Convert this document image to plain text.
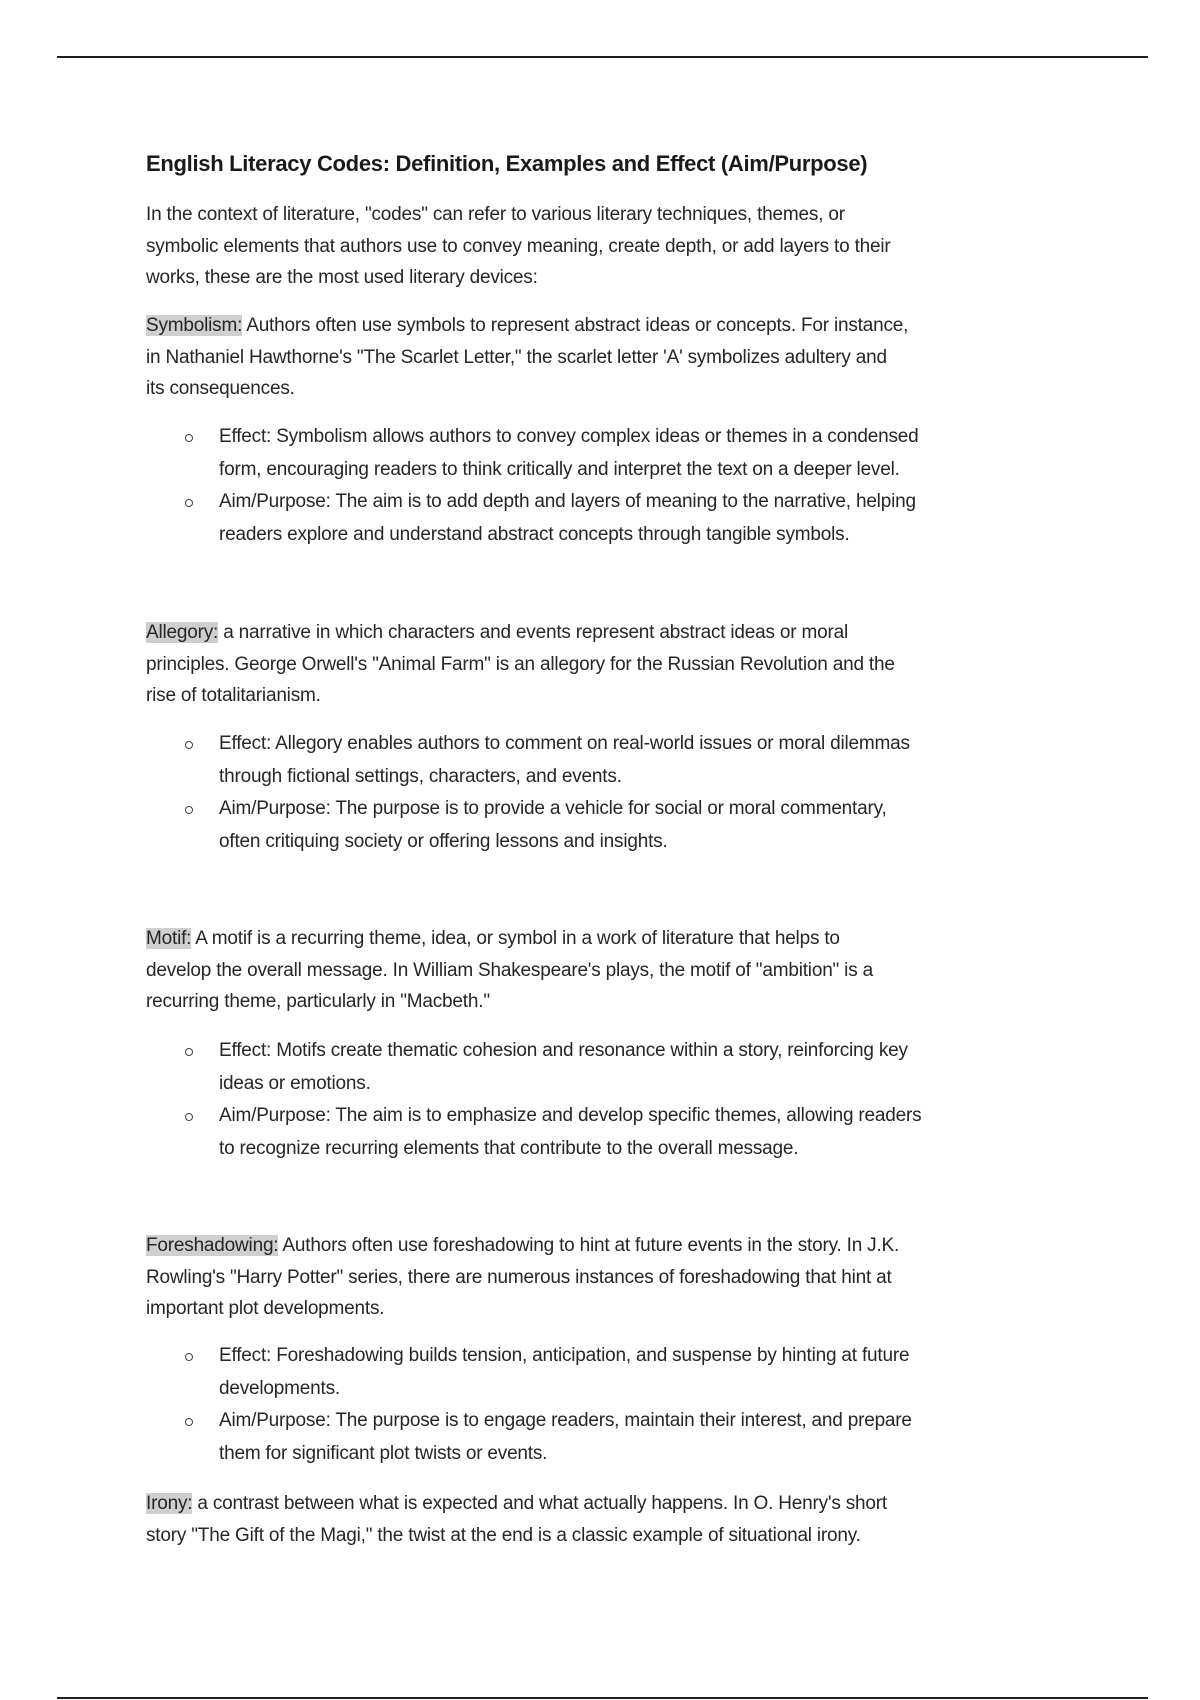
English Literacy Codes: Definition, Examples and Effect (Aim/Purpose)
In the context of literature, "codes" can refer to various literary techniques, themes, or
symbolic elements that authors use to convey meaning, create depth, or add layers to their
works, these are the most used literary devices:
Symbolism: Authors often use symbols to represent abstract ideas or concepts. For instance,
in Nathaniel Hawthorne's "The Scarlet Letter," the scarlet letter 'A' symbolizes adultery and
its consequences.
Effect: Symbolism allows authors to convey complex ideas or themes in a condensed
form, encouraging readers to think critically and interpret the text on a deeper level.
Aim/Purpose: The aim is to add depth and layers of meaning to the narrative, helping
readers explore and understand abstract concepts through tangible symbols.
Allegory: a narrative in which characters and events represent abstract ideas or moral
principles. George Orwell's "Animal Farm" is an allegory for the Russian Revolution and the
rise of totalitarianism.
Effect: Allegory enables authors to comment on real-world issues or moral dilemmas
through fictional settings, characters, and events.
Aim/Purpose: The purpose is to provide a vehicle for social or moral commentary,
often critiquing society or offering lessons and insights.
Motif: A motif is a recurring theme, idea, or symbol in a work of literature that helps to
develop the overall message. In William Shakespeare's plays, the motif of "ambition" is a
recurring theme, particularly in "Macbeth."
Effect: Motifs create thematic cohesion and resonance within a story, reinforcing key
ideas or emotions.
Aim/Purpose: The aim is to emphasize and develop specific themes, allowing readers
to recognize recurring elements that contribute to the overall message.
Foreshadowing: Authors often use foreshadowing to hint at future events in the story. In J.K.
Rowling's "Harry Potter" series, there are numerous instances of foreshadowing that hint at
important plot developments.
Effect: Foreshadowing builds tension, anticipation, and suspense by hinting at future
developments.
Aim/Purpose: The purpose is to engage readers, maintain their interest, and prepare
them for significant plot twists or events.
Irony: a contrast between what is expected and what actually happens. In O. Henry's short
story "The Gift of the Magi," the twist at the end is a classic example of situational irony.
